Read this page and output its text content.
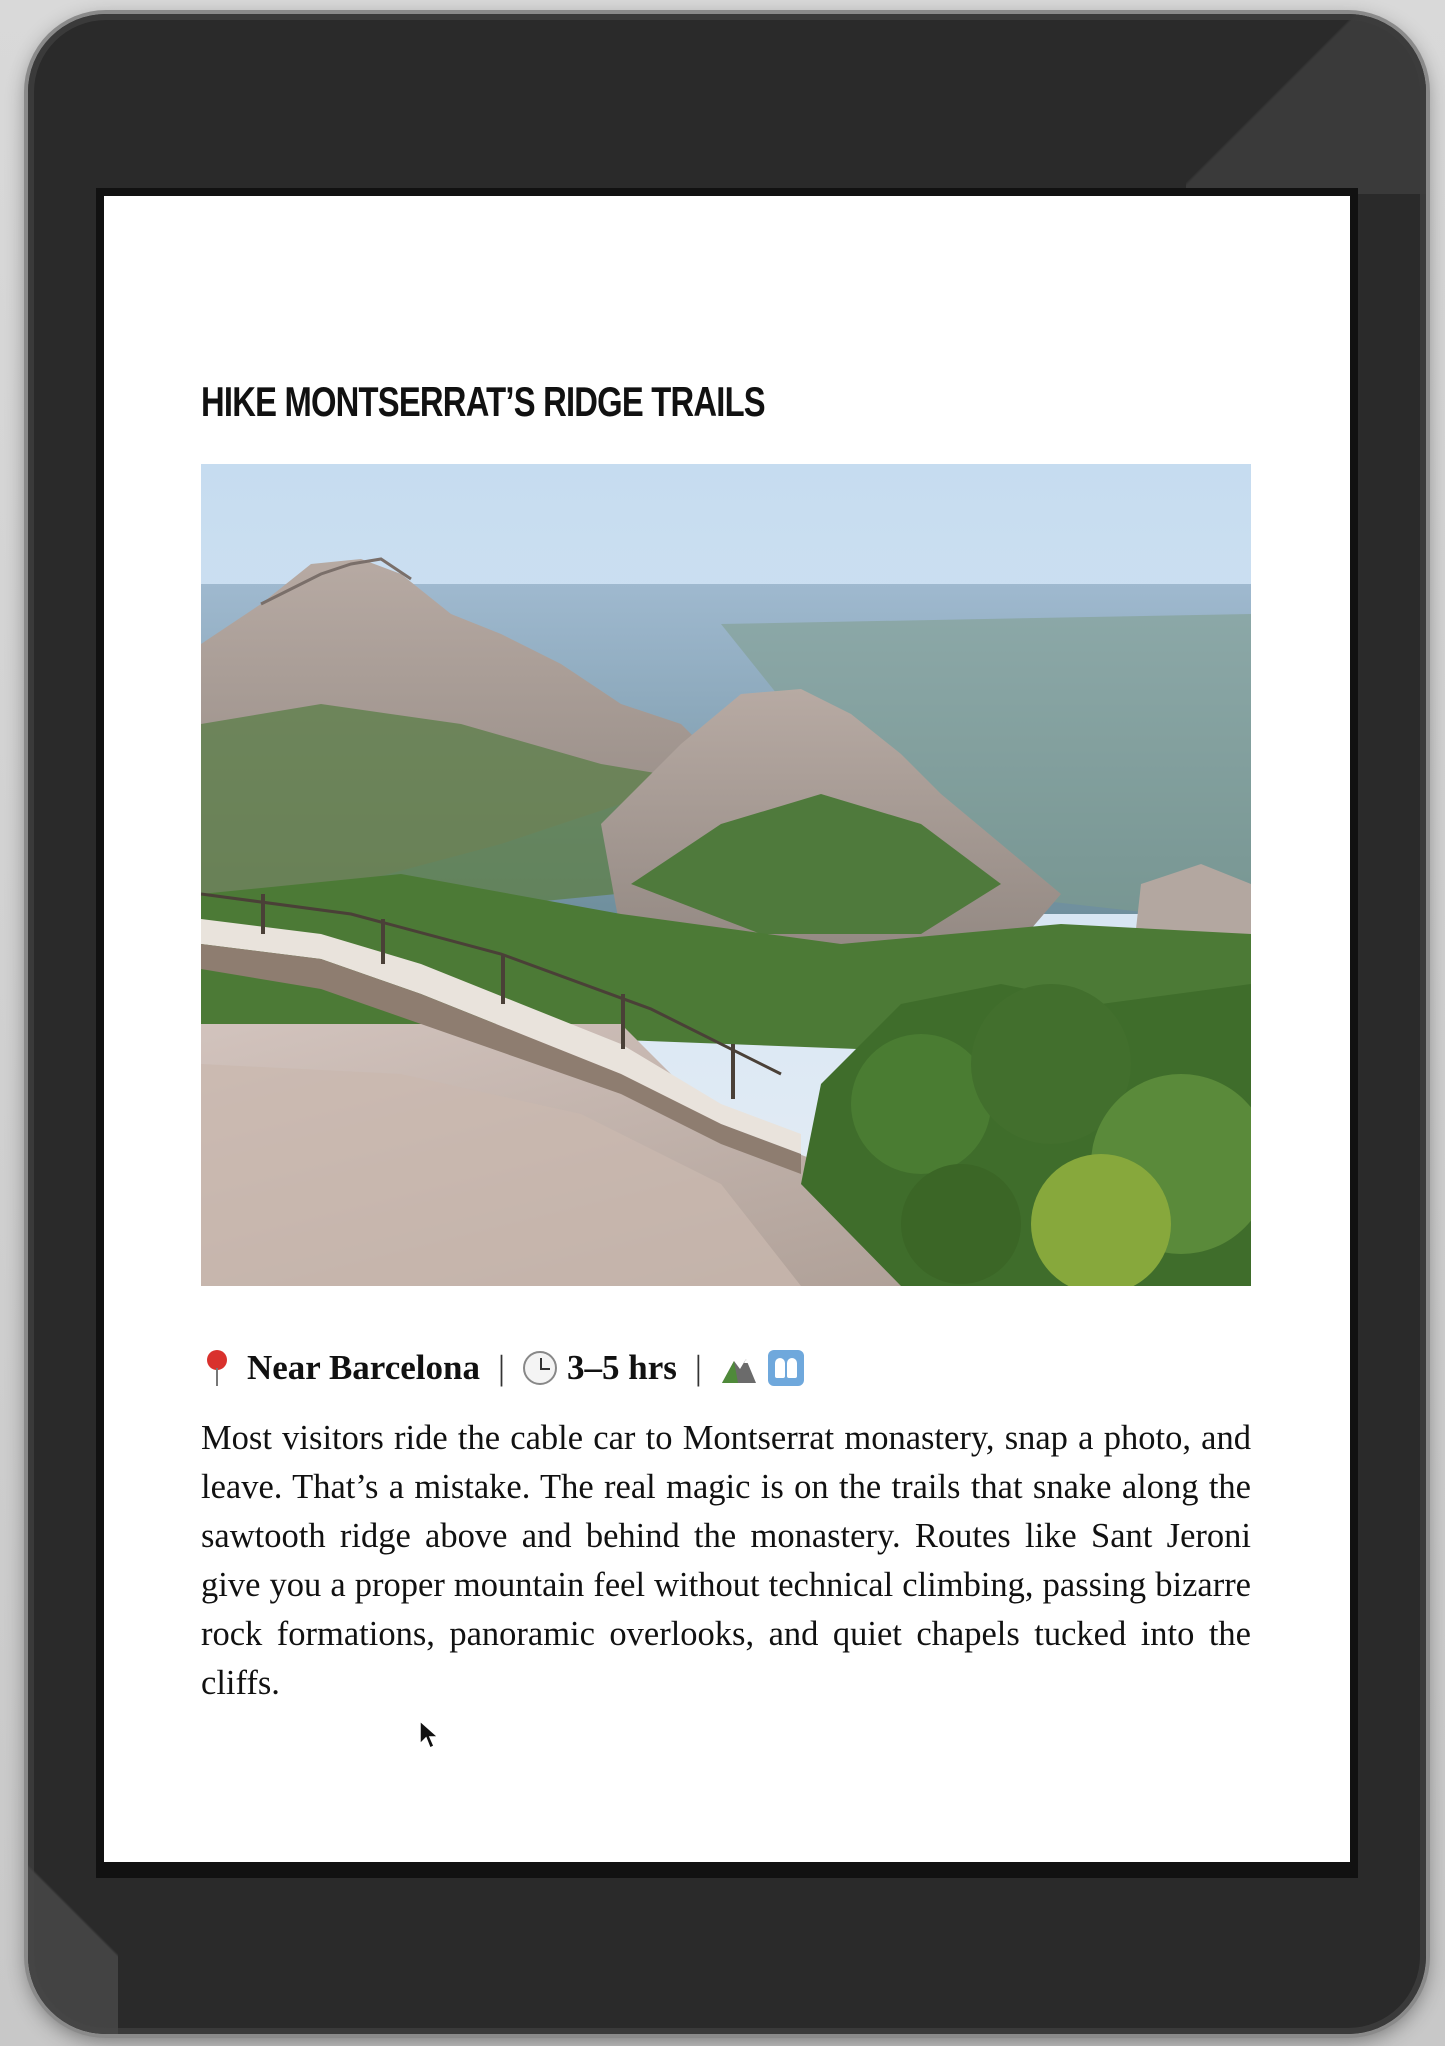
HIKE MONTSERRAT’S RIDGE TRAILS
Near Barcelona | 3–5 hrs |

Most visitors ride the cable car to Montserrat monastery, snap a photo, and leave. That’s a mistake. The real magic is on the trails that snake along the sawtooth ridge above and behind the monastery. Routes like Sant Jeroni give you a proper mountain feel without technical climbing, passing bizarre rock formations, panoramic overlooks, and quiet chapels tucked into the cliffs.
